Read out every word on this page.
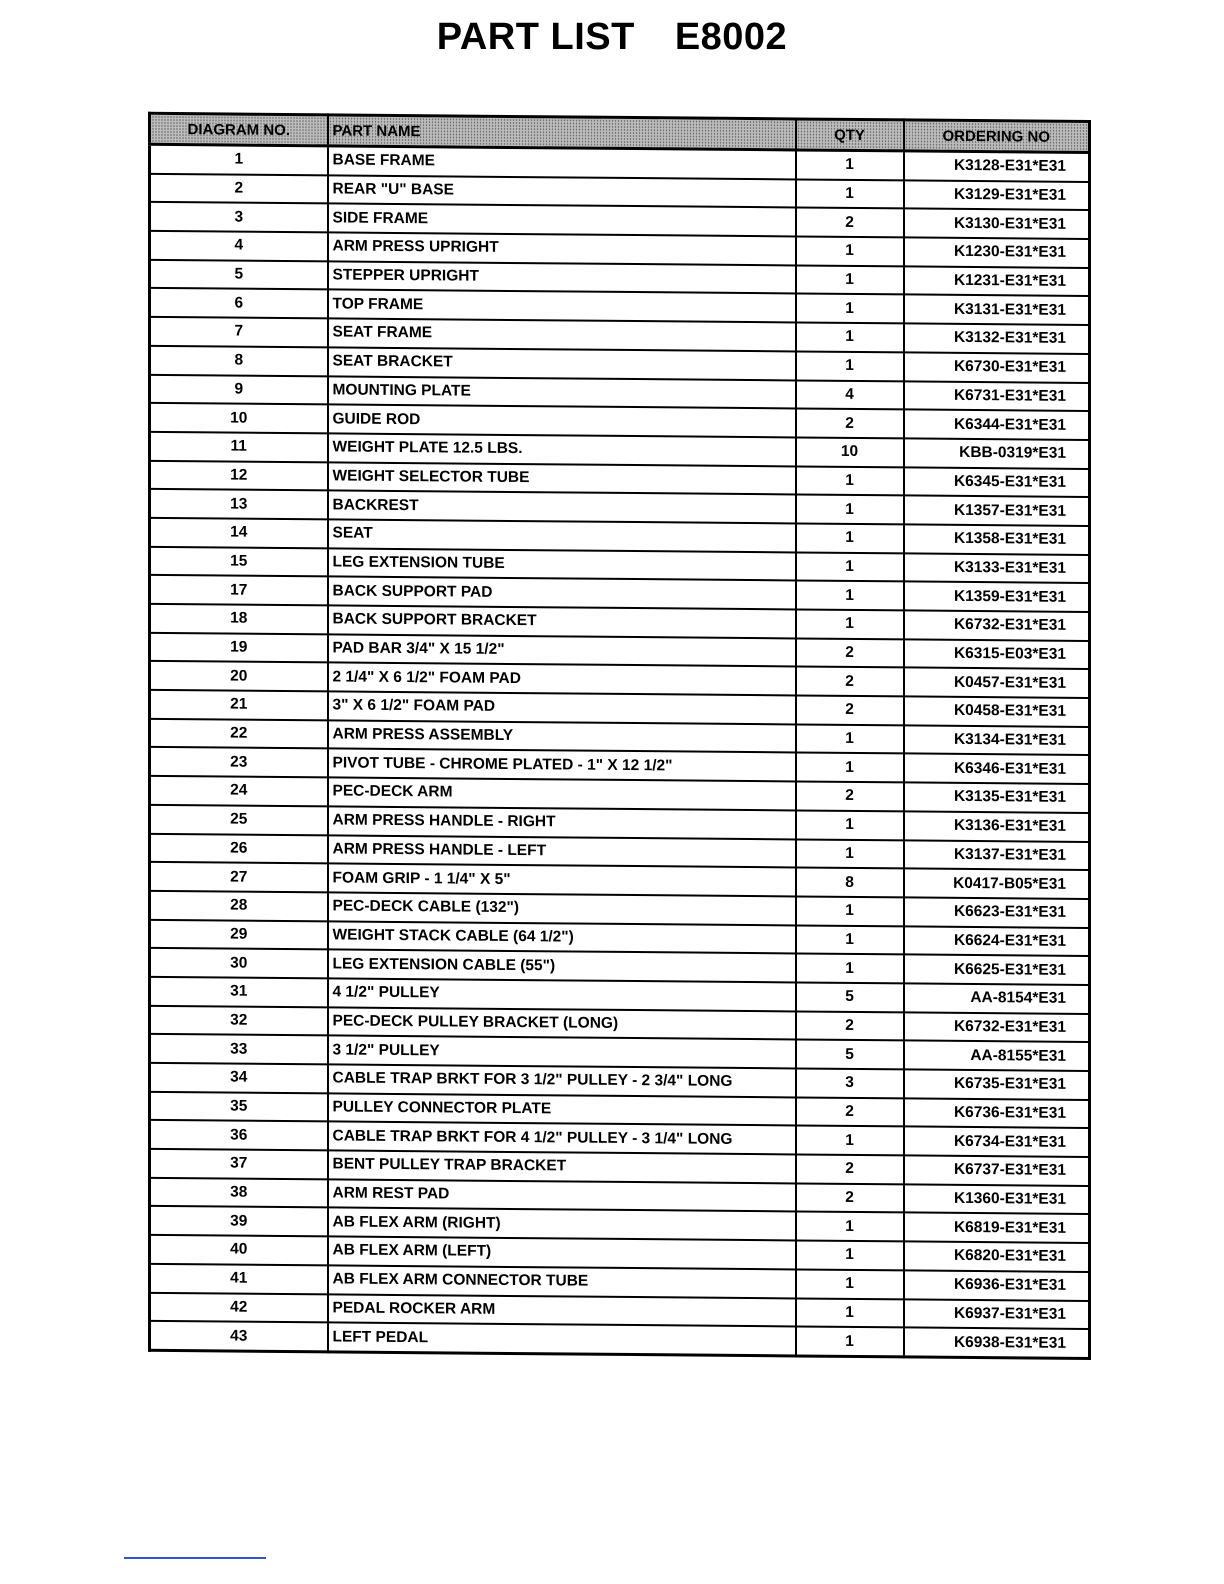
PART LIST E8002
DIAGRAM NO.	PART NAME	QTY	ORDERING NO
1	BASE FRAME	1	K3128-E31*E31
2	REAR "U" BASE	1	K3129-E31*E31
3	SIDE FRAME	2	K3130-E31*E31
4	ARM PRESS UPRIGHT	1	K1230-E31*E31
5	STEPPER UPRIGHT	1	K1231-E31*E31
6	TOP FRAME	1	K3131-E31*E31
7	SEAT FRAME	1	K3132-E31*E31
8	SEAT BRACKET	1	K6730-E31*E31
9	MOUNTING PLATE	4	K6731-E31*E31
10	GUIDE ROD	2	K6344-E31*E31
11	WEIGHT PLATE 12.5 LBS.	10	KBB-0319*E31
12	WEIGHT SELECTOR TUBE	1	K6345-E31*E31
13	BACKREST	1	K1357-E31*E31
14	SEAT	1	K1358-E31*E31
15	LEG EXTENSION TUBE	1	K3133-E31*E31
17	BACK SUPPORT PAD	1	K1359-E31*E31
18	BACK SUPPORT BRACKET	1	K6732-E31*E31
19	PAD BAR 3/4" X 15 1/2"	2	K6315-E03*E31
20	2 1/4" X 6 1/2" FOAM PAD	2	K0457-E31*E31
21	3" X 6 1/2" FOAM PAD	2	K0458-E31*E31
22	ARM PRESS ASSEMBLY	1	K3134-E31*E31
23	PIVOT TUBE - CHROME PLATED - 1" X 12 1/2"	1	K6346-E31*E31
24	PEC-DECK ARM	2	K3135-E31*E31
25	ARM PRESS HANDLE - RIGHT	1	K3136-E31*E31
26	ARM PRESS HANDLE - LEFT	1	K3137-E31*E31
27	FOAM GRIP - 1 1/4" X 5"	8	K0417-B05*E31
28	PEC-DECK CABLE (132")	1	K6623-E31*E31
29	WEIGHT STACK CABLE (64 1/2")	1	K6624-E31*E31
30	LEG EXTENSION CABLE (55")	1	K6625-E31*E31
31	4 1/2" PULLEY	5	AA-8154*E31
32	PEC-DECK PULLEY BRACKET (LONG)	2	K6732-E31*E31
33	3 1/2" PULLEY	5	AA-8155*E31
34	CABLE TRAP BRKT FOR 3 1/2" PULLEY - 2 3/4" LONG	3	K6735-E31*E31
35	PULLEY CONNECTOR PLATE	2	K6736-E31*E31
36	CABLE TRAP BRKT FOR 4 1/2" PULLEY - 3 1/4" LONG	1	K6734-E31*E31
37	BENT PULLEY TRAP BRACKET	2	K6737-E31*E31
38	ARM REST PAD	2	K1360-E31*E31
39	AB FLEX ARM (RIGHT)	1	K6819-E31*E31
40	AB FLEX ARM (LEFT)	1	K6820-E31*E31
41	AB FLEX ARM CONNECTOR TUBE	1	K6936-E31*E31
42	PEDAL ROCKER ARM	1	K6937-E31*E31
43	LEFT PEDAL	1	K6938-E31*E31
